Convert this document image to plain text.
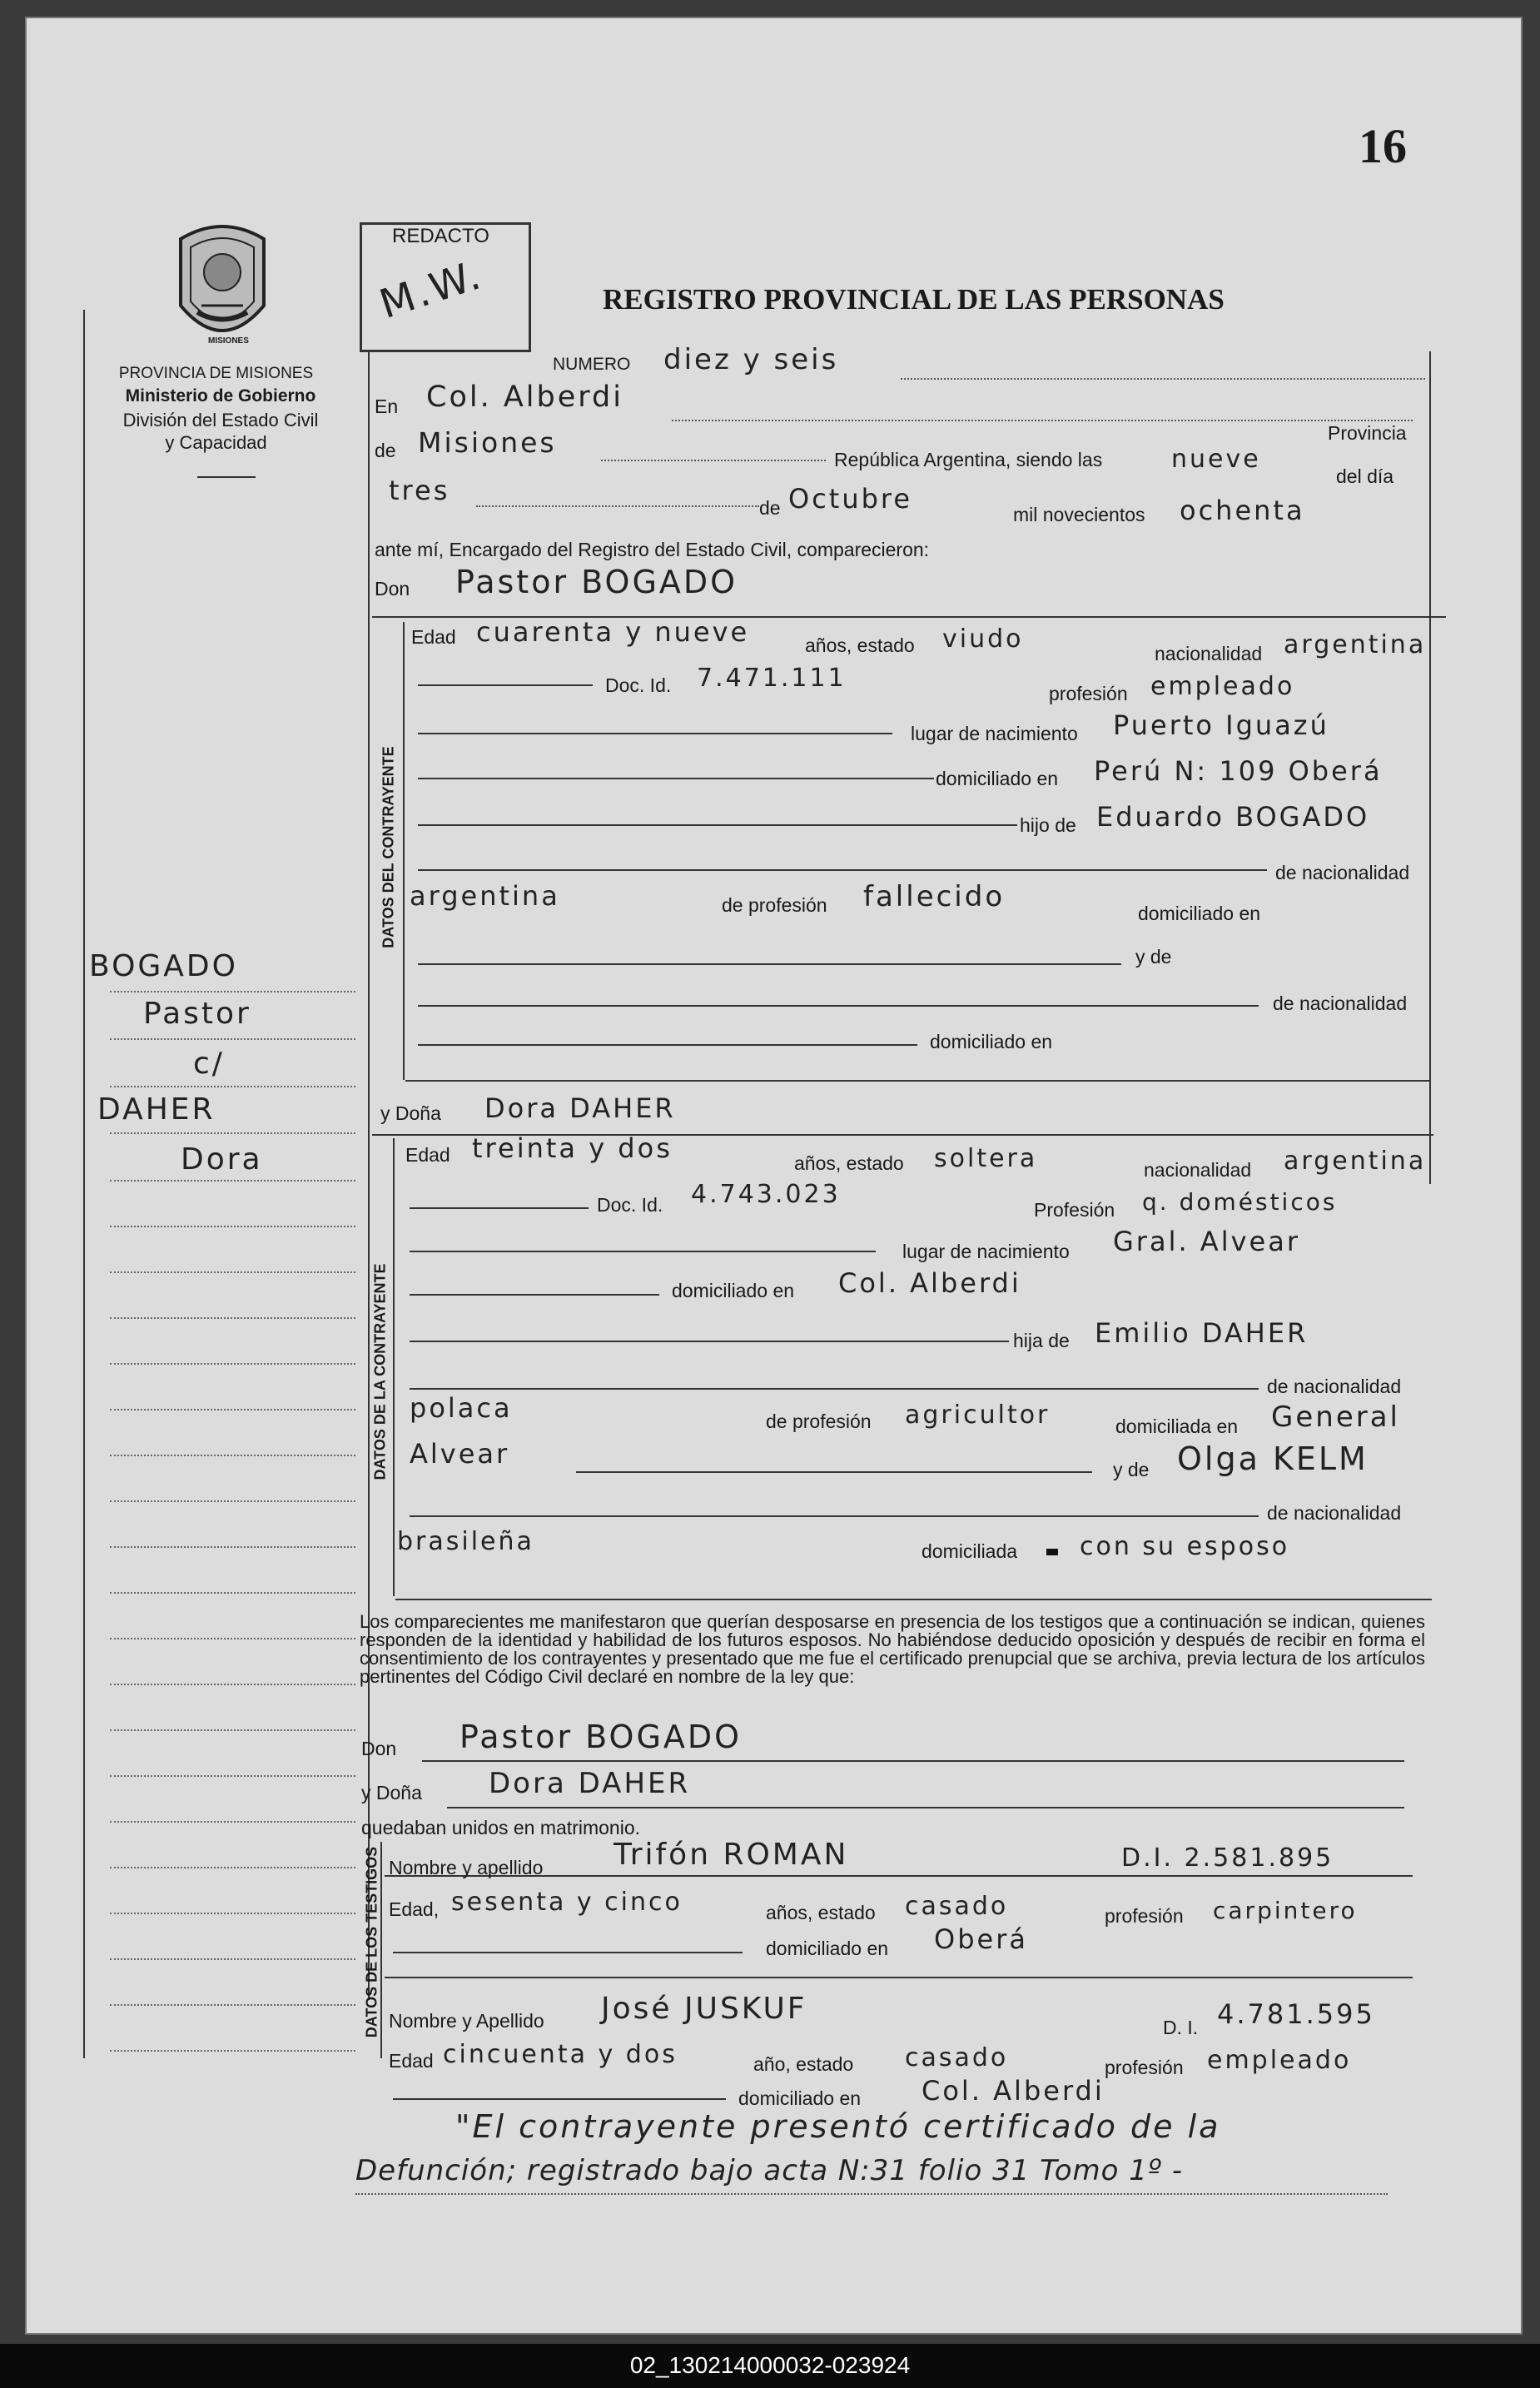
16
MISIONES
REDACTO
M.W.	REGISTRO PROVINCIAL DE LAS PERSONAS
PROVINCIA DE MISIONES
Ministerio de Gobierno
División del Estado Civil
y Capacidad
NUMERO diez y seis
En Col. Alberdi
Provincia
de Misiones
República Argentina, siendo las	nueve
del día
tres
de Octubre	mil novecientos ochenta
ante mí, Encargado del Registro del Estado Civil, comparecieron:
Don Pastor BOGADO
DATOS DEL CONTRAYENTE
Edad cuarenta y nueve	años, estado viudo	nacionalidad argentina
Doc. Id. 7.471.111
profesión empleado
lugar de nacimiento Puerto Iguazú
domiciliado en Perú N: 109 Oberá
hijo de Eduardo BOGADO
de nacionalidad
argentina	de profesión fallecido	domiciliado en
y de
de nacionalidad
domiciliado en
y Doña Dora DAHER
DATOS DE LA CONTRAYENTE
Edad treinta y dos	años, estado soltera	nacionalidad argentina
Doc. Id. 4.743.023
Profesión q. domésticos
lugar de nacimiento Gral. Alvear
domiciliado en Col. Alberdi
hija de Emilio DAHER
de nacionalidad
polaca	de profesión agricultor	domiciliada en General
Alvear	y de Olga KELM
de nacionalidad
brasileña	domiciliada con su esposo
BOGADO
Pastor
c/
DAHER
Dora
Los comparecientes me manifestaron que querían desposarse en presencia de los testigos que a continuación se indican, quienes responden de la identidad y habilidad de los futuros esposos. No habiéndose deducido oposición y después de recibir en forma el consentimiento de los contrayentes y presentado que me fue el certificado prenupcial que se archiva, previa lectura de los artículos pertinentes del Código Civil declaré en nombre de la ley que:
Don Pastor BOGADO
y Doña Dora DAHER
quedaban unidos en matrimonio.
DATOS DE LOS TESTIGOS Nombre y apellido Trifón ROMAN	D.I. 2.581.895
Edad, sesenta y cinco	años, estado casado	profesión carpintero
domiciliado en Oberá
Nombre y Apellido José JUSKUF
D. I. 4.781.595
Edad cincuenta y dos	año, estado casado	profesión empleado
domiciliado en Col. Alberdi
"El contrayente presentó certificado de la
Defunción; registrado bajo acta N:31 folio 31 Tomo 1º -
02_130214000032-023924
